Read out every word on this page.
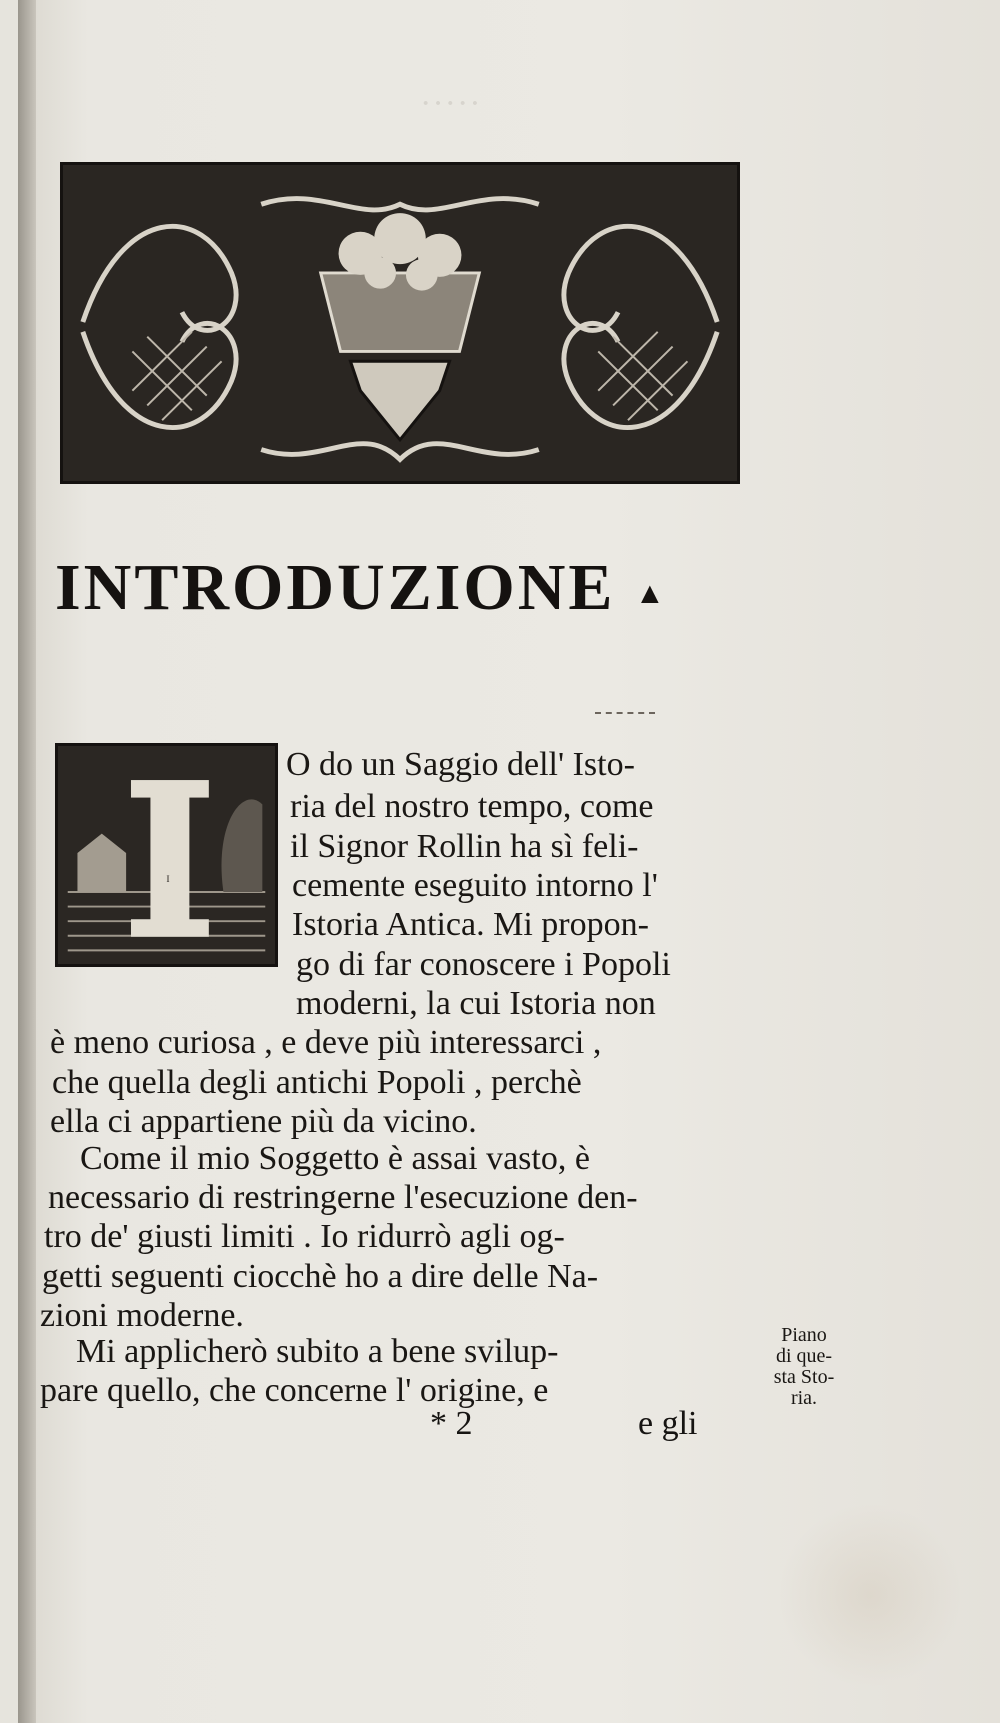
·····
INTRODUZIONE ▲
I
O do un Saggio dell' Isto-
ria del nostro tempo, come
il Signor Rollin ha sì feli-
cemente eseguito intorno l'
Istoria Antica. Mi propon-
go di far conoscere i Popoli
moderni, la cui Istoria non
è meno curiosa , e deve più interessarci ,
che quella degli antichi Popoli , perchè
ella ci appartiene più da vicino.
Come il mio Soggetto è assai vasto, è
necessario di restringerne l'esecuzione den-
tro de' giusti limiti . Io ridurrò agli og-
getti seguenti ciocchè ho a dire delle Na-
zioni moderne.
Mi applicherò subito a bene svilup-
pare quello, che concerne l' origine, e
Piano
di que-
sta Sto-
ria.
* 2	e gli
